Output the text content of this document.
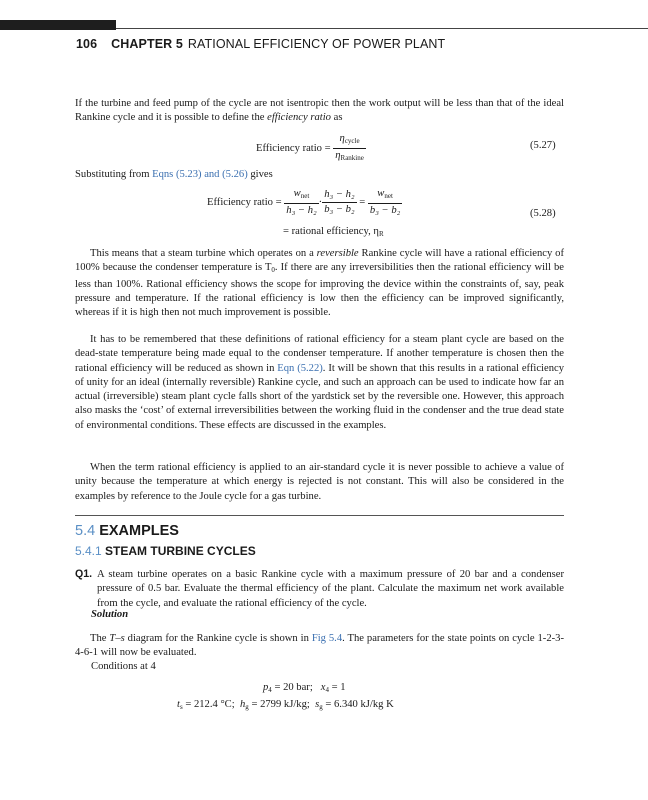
106 CHAPTER 5 RATIONAL EFFICIENCY OF POWER PLANT

If the turbine and feed pump of the cycle are not isentropic then the work output will be less than that of the ideal Rankine cycle and it is possible to define the efficiency ratio as

Efficiency ratio = $\frac{\eta_{cycle}}{\eta_{Rankine}}$	(5.27)

Substituting from Eqns (5.23) and (5.26) gives

Efficiency ratio = $\frac{w_{net}}{\text{h₃ − h₂}} \cdot \frac{\text{h₃ − h₂}}{\text{b₃ − b₂}} = \frac{w_{net}}{\text{b₃ − b₂}}$	(5.28)
= rational efficiency, $\eta_R$

This means that a steam turbine which operates on a reversible Rankine cycle will have a rational efficiency of 100% because the condenser temperature is $T_0$. If there are any irreversibilities then the rational efficiency will be less than 100%. Rational efficiency shows the scope for improving the device within the constraints of, say, peak pressure and temperature. If the rational efficiency is low then the efficiency can be improved significantly, whereas if it is high then not much improvement is possible.

It has to be remembered that these definitions of rational efficiency for a steam plant cycle are based on the dead-state temperature being made equal to the condenser temperature. If another temperature is chosen then the rational efficiency will be reduced as shown in Eqn (5.22). It will be shown that this results in a rational efficiency of unity for an ideal (internally reversible) Rankine cycle, and such an approach can be used to indicate how far an actual (irreversible) steam plant cycle falls short of the yardstick set by the reversible one. However, this approach also masks the ‘cost’ of external irreversibilities between the working fluid in the condenser and the true dead state of environmental conditions. These effects are discussed in the examples.

When the term rational efficiency is applied to an air-standard cycle it is never possible to achieve a value of unity because the temperature at which energy is rejected is not constant. This will also be considered in the examples by reference to the Joule cycle for a gas turbine.

5.4 EXAMPLES
5.4.1 STEAM TURBINE CYCLES
Q1. A steam turbine operates on a basic Rankine cycle with a maximum pressure of 20 bar and a condenser pressure of 0.5 bar. Evaluate the thermal efficiency of the plant. Calculate the maximum net work available from the cycle, and evaluate the rational efficiency of the cycle.

Solution

The T–s diagram for the Rankine cycle is shown in Fig 5.4. The parameters for the state points on cycle 1-2-3-4-6-1 will now be evaluated.

Conditions at 4
$p_4 = 20$ bar; $x_4 = 1$
$t_s = 212.4$ °C; $h_g = 2799$ kJ/kg; $s_g = 6.340$ kJ/kg K
